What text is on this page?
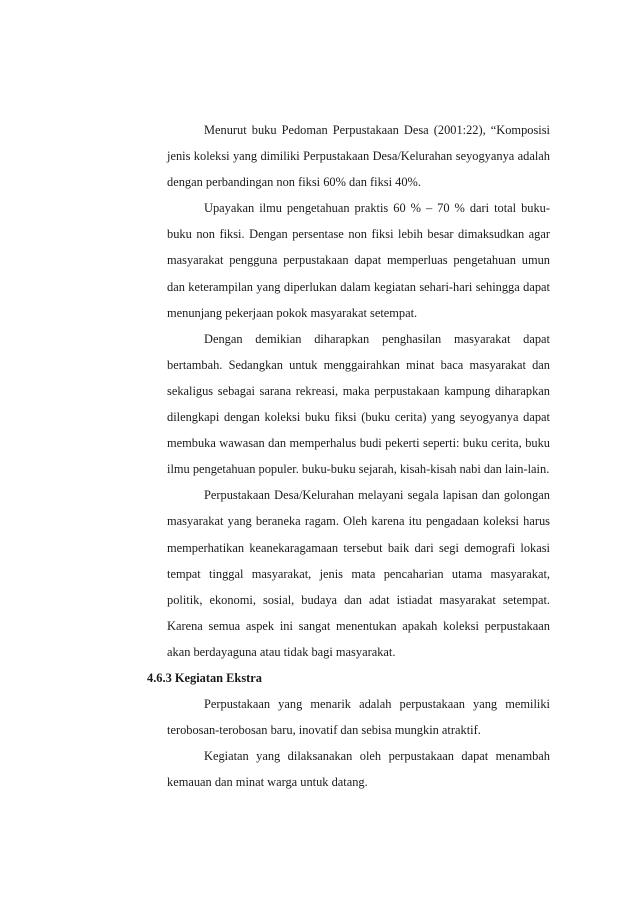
Menurut buku Pedoman Perpustakaan Desa (2001:22), “Komposisi jenis koleksi yang dimiliki Perpustakaan Desa/Kelurahan seyogyanya adalah dengan perbandingan non fiksi 60% dan fiksi 40%.

Upayakan ilmu pengetahuan praktis 60 % – 70 % dari total buku-buku non fiksi. Dengan persentase non fiksi lebih besar dimaksudkan agar masyarakat pengguna perpustakaan dapat memperluas pengetahuan umun dan keterampilan yang diperlukan dalam kegiatan sehari-hari sehingga dapat menunjang pekerjaan pokok masyarakat setempat.

Dengan demikian diharapkan penghasilan masyarakat dapat bertambah. Sedangkan untuk menggairahkan minat baca masyarakat dan sekaligus sebagai sarana rekreasi, maka perpustakaan kampung diharapkan dilengkapi dengan koleksi buku fiksi (buku cerita) yang seyogyanya dapat membuka wawasan dan memperhalus budi pekerti seperti: buku cerita, buku ilmu pengetahuan populer. buku-buku sejarah, kisah-kisah nabi dan lain-lain.

Perpustakaan Desa/Kelurahan melayani segala lapisan dan golongan masyarakat yang beraneka ragam. Oleh karena itu pengadaan koleksi harus memperhatikan keanekaragamaan tersebut baik dari segi demografi lokasi tempat tinggal masyarakat, jenis mata pencaharian utama masyarakat, politik, ekonomi, sosial, budaya dan adat istiadat masyarakat setempat. Karena semua aspek ini sangat menentukan apakah koleksi perpustakaan akan berdayaguna atau tidak bagi masyarakat.

4.6.3 Kegiatan Ekstra

Perpustakaan yang menarik adalah perpustakaan yang memiliki terobosan-terobosan baru, inovatif dan sebisa mungkin atraktif.

Kegiatan yang dilaksanakan oleh perpustakaan dapat menambah kemauan dan minat warga untuk datang.
